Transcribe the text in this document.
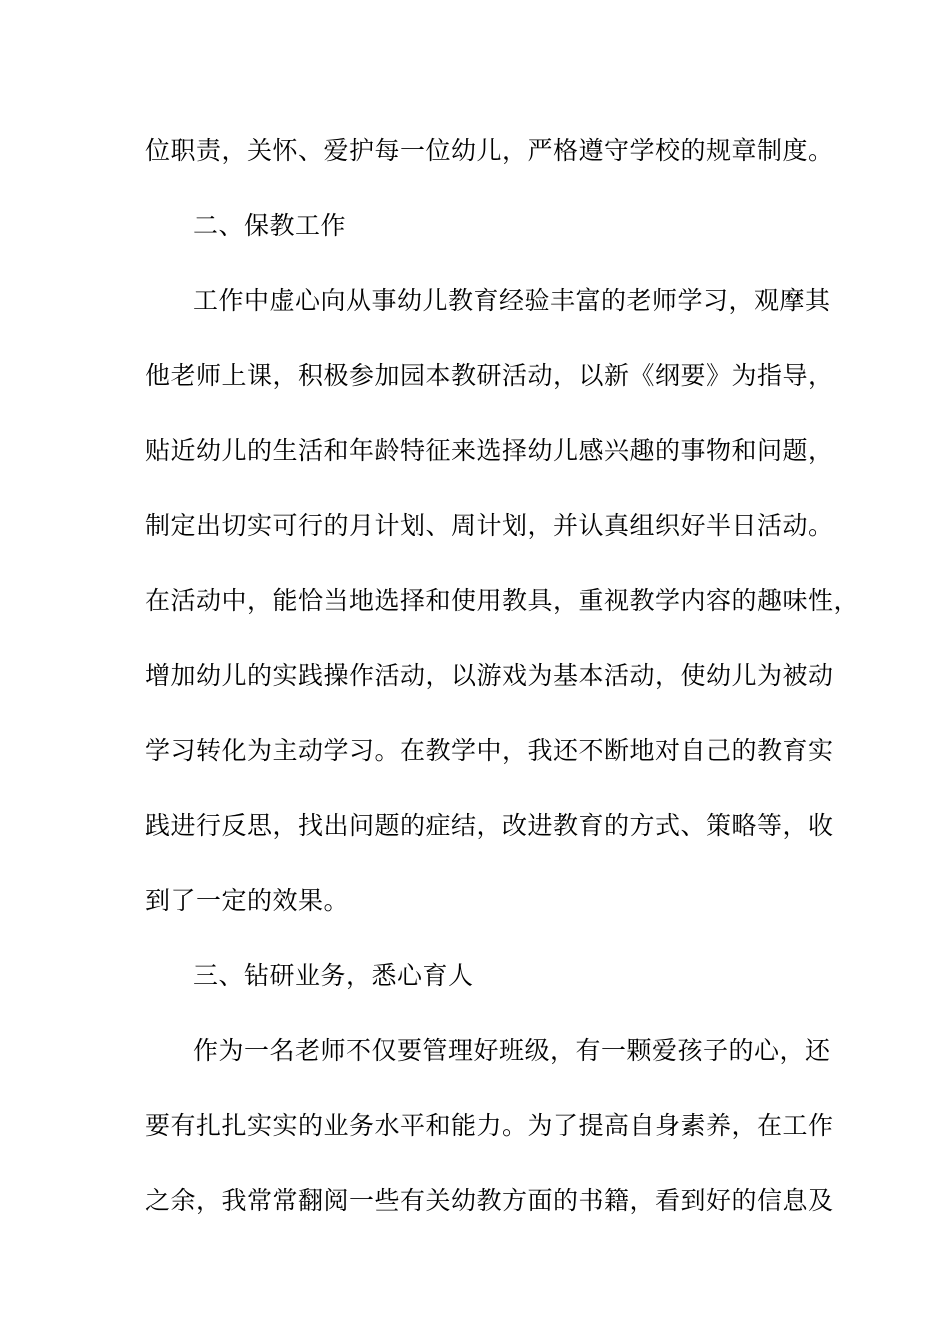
位职责，关怀、爱护每一位幼儿，严格遵守学校的规章制度。
二、保教工作
工作中虚心向从事幼儿教育经验丰富的老师学习，观摩其
他老师上课，积极参加园本教研活动，以新《纲要》为指导，
贴近幼儿的生活和年龄特征来选择幼儿感兴趣的事物和问题，
制定出切实可行的月计划、周计划，并认真组织好半日活动。
在活动中，能恰当地选择和使用教具，重视教学内容的趣味性，
增加幼儿的实践操作活动，以游戏为基本活动，使幼儿为被动
学习转化为主动学习。在教学中，我还不断地对自己的教育实
践进行反思，找出问题的症结，改进教育的方式、策略等，收
到了一定的效果。
三、钻研业务，悉心育人
作为一名老师不仅要管理好班级，有一颗爱孩子的心，还
要有扎扎实实的业务水平和能力。为了提高自身素养，在工作
之余，我常常翻阅一些有关幼教方面的书籍，看到好的信息及
